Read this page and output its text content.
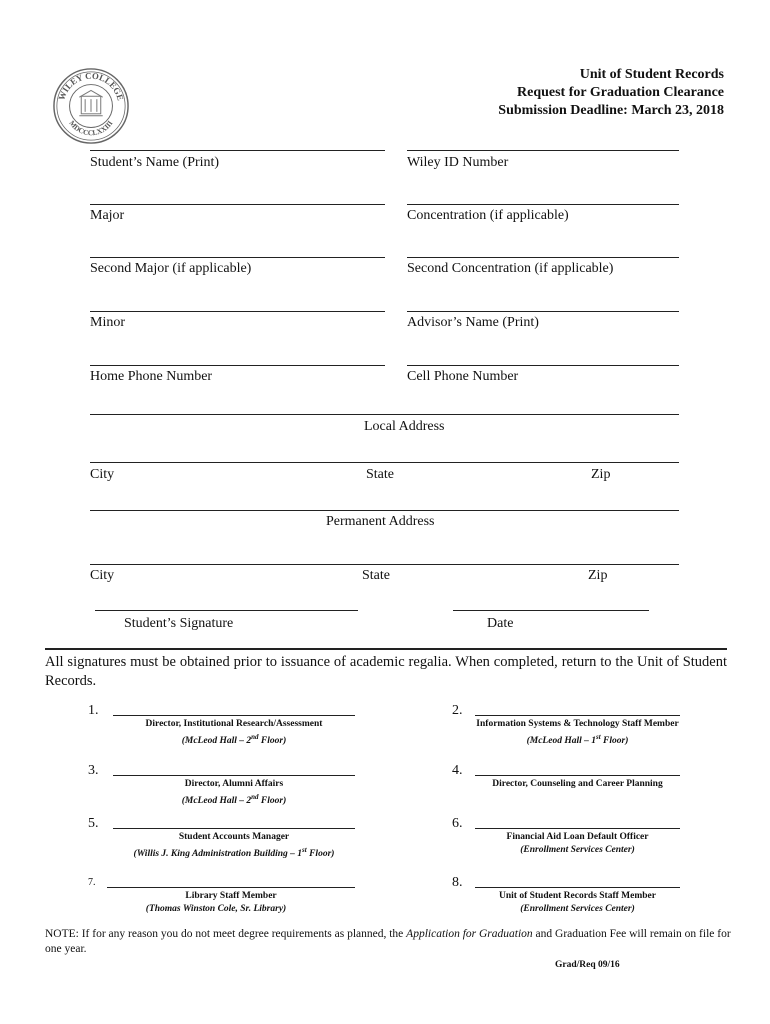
WILEY COLLEGE
MDCCCLXXIII
Unit of Student Records
Request for Graduation Clearance
Submission Deadline: March 23, 2018
Student’s Name (Print)	Wiley ID Number
Major	Concentration (if applicable)
Second Major (if applicable)	Second Concentration (if applicable)
Minor	Advisor’s Name (Print)
Home Phone Number	Cell Phone Number
Local Address
City	State	Zip
Permanent Address
City	State	Zip
Student’s Signature	Date
All signatures must be obtained prior to issuance of academic regalia. When completed, return to the Unit of Student Records.
1.
Director, Institutional Research/Assessment
(McLeod Hall – 2nd Floor)
3.
Director, Alumni Affairs
(McLeod Hall – 2nd Floor)
5.
Student Accounts Manager
(Willis J. King Administration Building – 1st Floor)
7.
Library Staff Member
(Thomas Winston Cole, Sr. Library)
2.
Information Systems & Technology Staff Member
(McLeod Hall – 1st Floor)
4.
Director, Counseling and Career Planning
6.
Financial Aid Loan Default Officer
(Enrollment Services Center)
8.
Unit of Student Records Staff Member
(Enrollment Services Center)
NOTE: If for any reason you do not meet degree requirements as planned, the Application for Graduation and Graduation Fee will remain on file for one year.
Grad/Req 09/16
